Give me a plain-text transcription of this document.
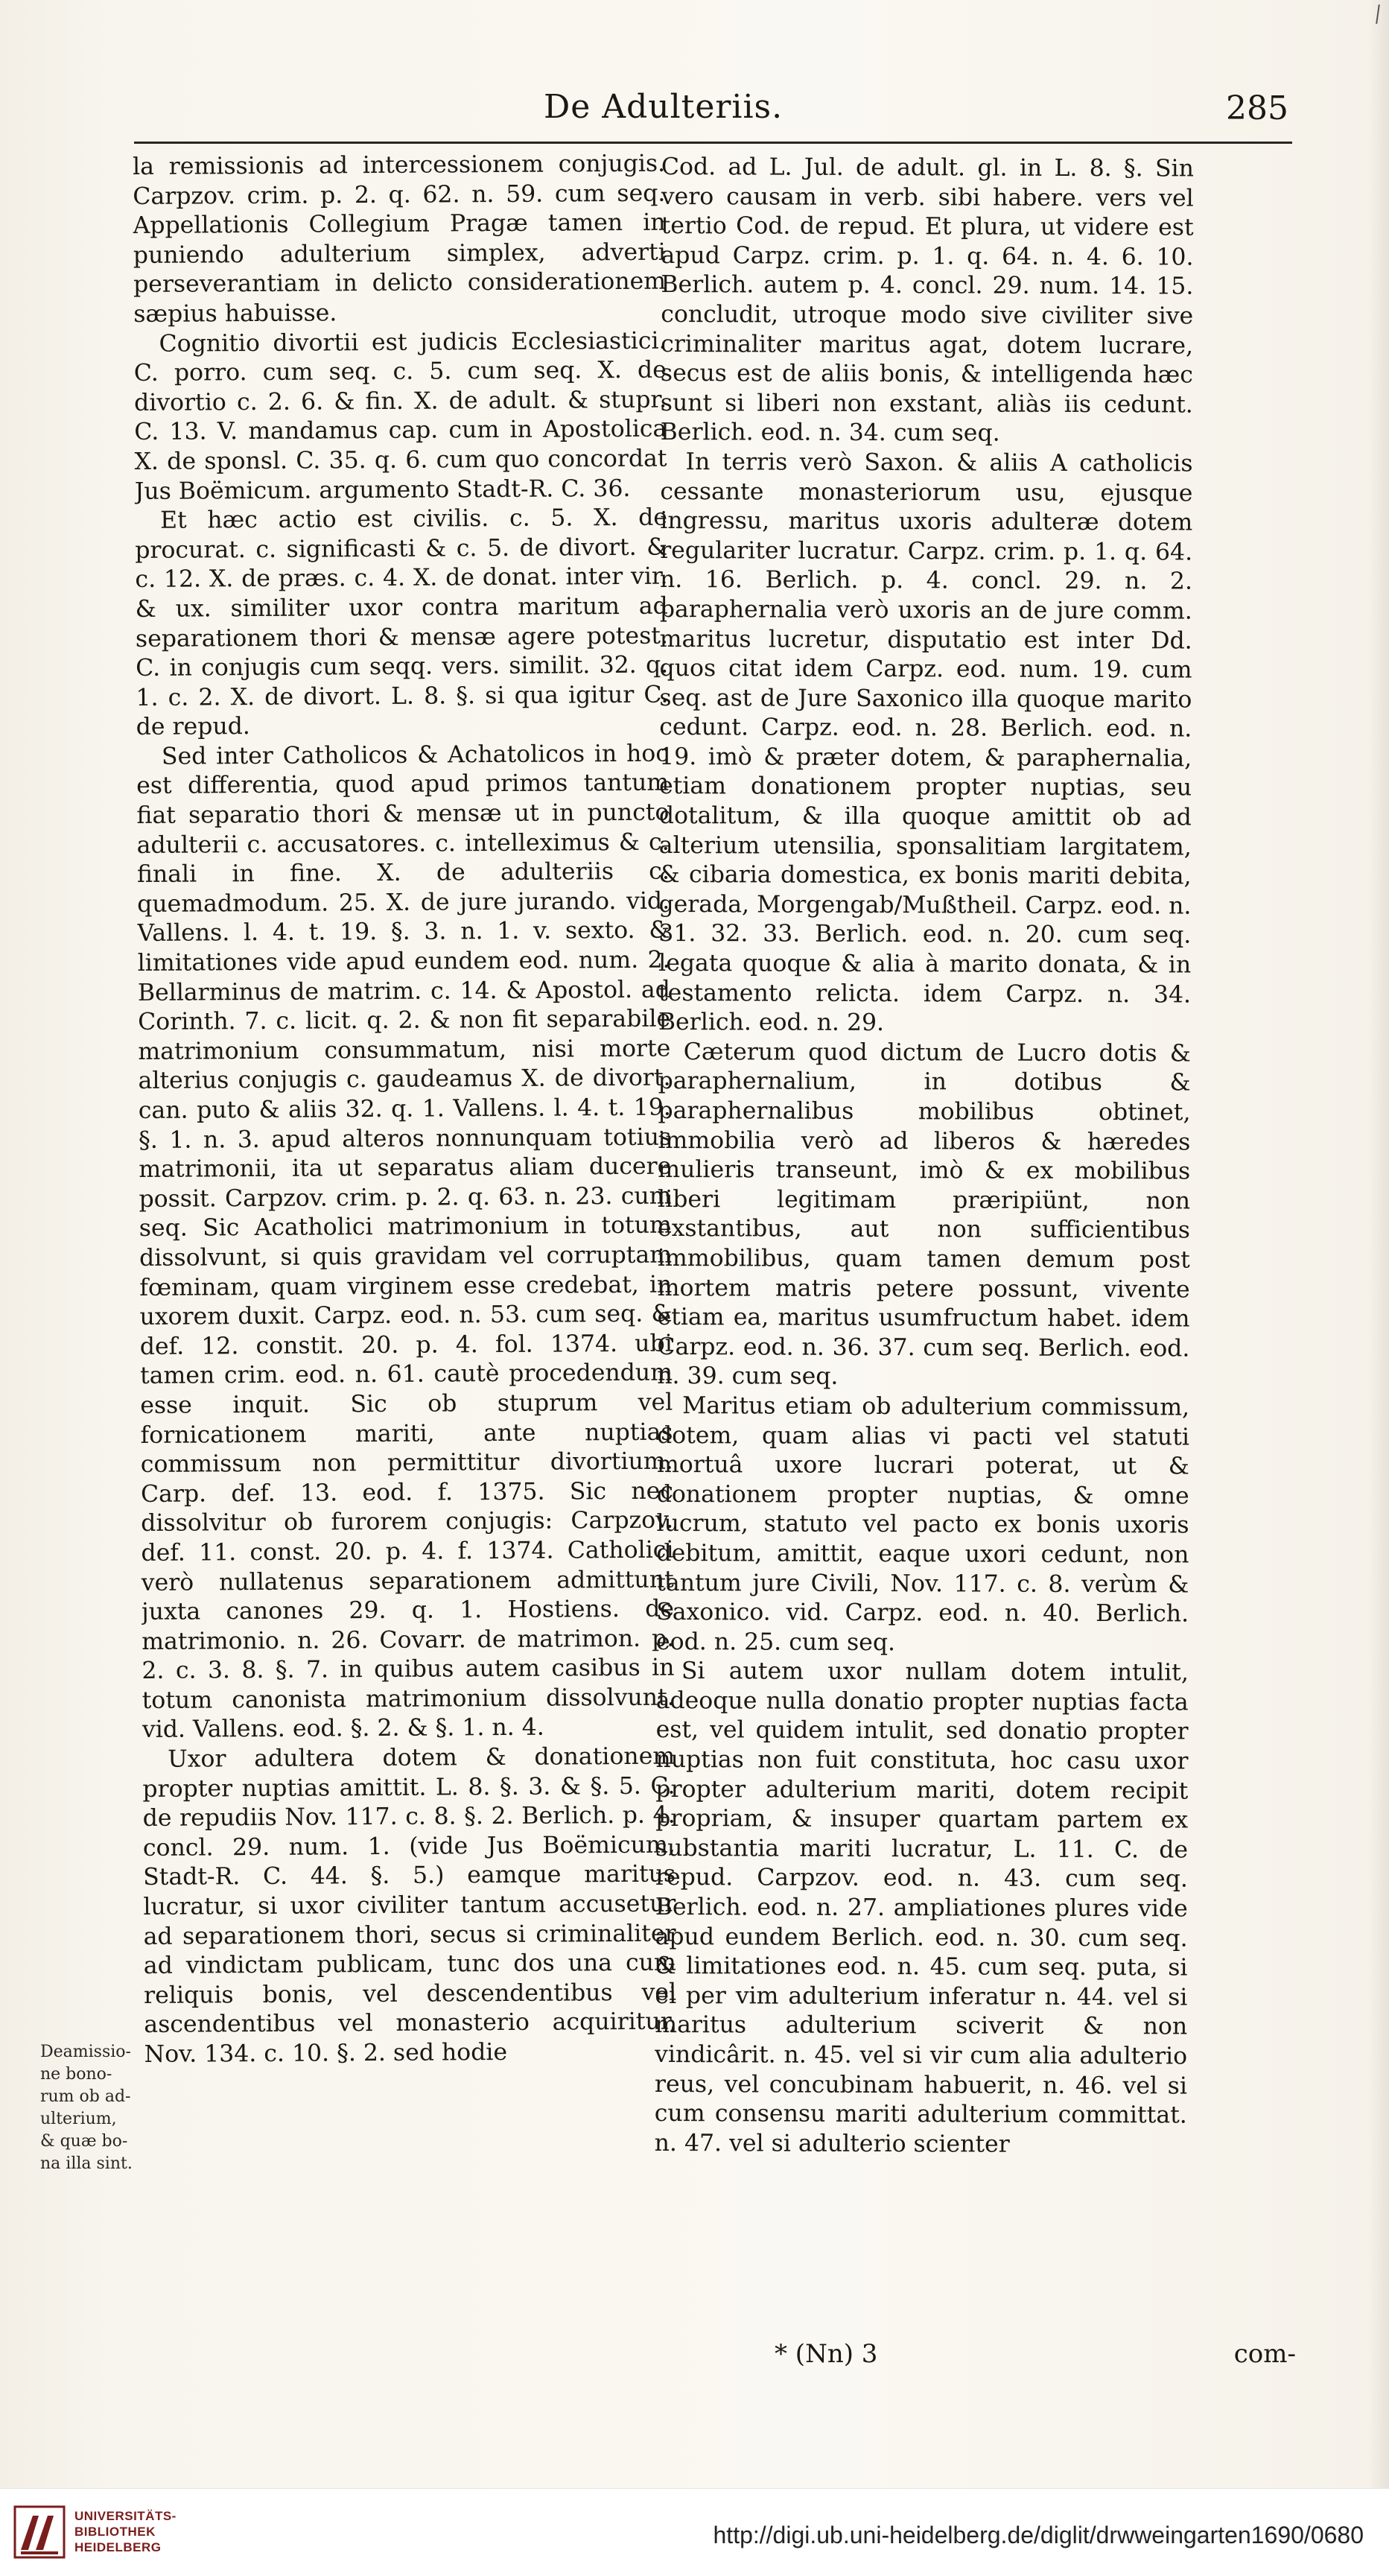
De Adulteriis.	285

la remissionis ad intercessionem conjugis. Carpzov. crim. p. 2. q. 62. n. 59. cum seq. Appellationis Collegium Pragæ tamen in puniendo adulterium simplex, adverti perseverantiam in delicto considerationem sæpius habuisse.

Cognitio divortii est judicis Ecclesiastici. C. porro. cum seq. c. 5. cum seq. X. de divortio c. 2. 6. & fin. X. de adult. & stupr. C. 13. V. mandamus cap. cum in Apostolica X. de sponsl. C. 35. q. 6. cum quo concordat Jus Boëmicum. argumento Stadt-R. C. 36.

Et hæc actio est civilis. c. 5. X. de procurat. c. significasti & c. 5. de divort. & c. 12. X. de præs. c. 4. X. de donat. inter vir. & ux. similiter uxor contra maritum ad separationem thori & mensæ agere potest. C. in conjugis cum seqq. vers. similit. 32. q. 1. c. 2. X. de divort. L. 8. §. si qua igitur C. de repud.

Sed inter Catholicos & Achatolicos in hoc est differentia, quod apud primos tantum fiat separatio thori & mensæ ut in puncto adulterii c. accusatores. c. intelleximus & c. finali in fine. X. de adulteriis c. quemadmodum. 25. X. de jure jurando. vid. Vallens. l. 4. t. 19. §. 3. n. 1. v. sexto. & limitationes vide apud eundem eod. num. 2. Bellarminus de matrim. c. 14. & Apostol. ad Corinth. 7. c. licit. q. 2. & non fit separabile matrimonium consummatum, nisi morte alterius conjugis c. gaudeamus X. de divort. can. puto & aliis 32. q. 1. Vallens. l. 4. t. 19. §. 1. n. 3. apud alteros nonnunquam totius matrimonii, ita ut separatus aliam ducere possit. Carpzov. crim. p. 2. q. 63. n. 23. cum seq. Sic Acatholici matrimonium in totum dissolvunt, si quis gravidam vel corruptam fœminam, quam virginem esse credebat, in uxorem duxit. Carpz. eod. n. 53. cum seq. & def. 12. constit. 20. p. 4. fol. 1374. ubi tamen crim. eod. n. 61. cautè procedendum esse inquit. Sic ob stuprum vel fornicationem mariti, ante nuptias commissum non permittitur divortium. Carp. def. 13. eod. f. 1375. Sic nec dissolvitur ob furorem conjugis: Carpzov. def. 11. const. 20. p. 4. f. 1374. Catholici verò nullatenus separationem admittunt juxta canones 29. q. 1. Hostiens. de matrimonio. n. 26. Covarr. de matrimon. p. 2. c. 3. 8. §. 7. in quibus autem casibus in totum canonista matrimonium dissolvunt. vid. Vallens. eod. §. 2. & §. 1. n. 4.

Uxor adultera dotem & donationem propter nuptias amittit. L. 8. §. 3. & §. 5. C. de repudiis Nov. 117. c. 8. §. 2. Berlich. p. 4. concl. 29. num. 1. (vide Jus Boëmicum, Stadt-R. C. 44. §. 5.) eamque maritus lucratur, si uxor civiliter tantum accusetur ad separationem thori, secus si criminaliter ad vindictam publicam, tunc dos una cum reliquis bonis, vel descendentibus vel ascendentibus vel monasterio acquiritur, Nov. 134. c. 10. §. 2. sed hodie

Cod. ad L. Jul. de adult. gl. in L. 8. §. Sin vero causam in verb. sibi habere. vers vel tertio Cod. de repud. Et plura, ut videre est apud Carpz. crim. p. 1. q. 64. n. 4. 6. 10. Berlich. autem p. 4. concl. 29. num. 14. 15. concludit, utroque modo sive civiliter sive criminaliter maritus agat, dotem lucrare, secus est de aliis bonis, & intelligenda hæc sunt si liberi non exstant, aliàs iis cedunt. Berlich. eod. n. 34. cum seq.

In terris verò Saxon. & aliis A catholicis cessante monasteriorum usu, ejusque ingressu, maritus uxoris adulteræ dotem regulariter lucratur. Carpz. crim. p. 1. q. 64. n. 16. Berlich. p. 4. concl. 29. n. 2. paraphernalia verò uxoris an de jure comm. maritus lucretur, disputatio est inter Dd. quos citat idem Carpz. eod. num. 19. cum seq. ast de Jure Saxonico illa quoque marito cedunt. Carpz. eod. n. 28. Berlich. eod. n. 19. imò & præter dotem, & paraphernalia, etiam donationem propter nuptias, seu dotalitum, & illa quoque amittit ob ad alterium utensilia, sponsalitiam largitatem, & cibaria domestica, ex bonis mariti debita, gerada, Morgengab/Mußtheil. Carpz. eod. n. 31. 32. 33. Berlich. eod. n. 20. cum seq. legata quoque & alia à marito donata, & in testamento relicta. idem Carpz. n. 34. Berlich. eod. n. 29.

Cæterum quod dictum de Lucro dotis & paraphernalium, in dotibus & paraphernalibus mobilibus obtinet, immobilia verò ad liberos & hæredes mulieris transeunt, imò & ex mobilibus liberi legitimam præripiünt, non exstantibus, aut non sufficientibus immobilibus, quam tamen demum post mortem matris petere possunt, vivente etiam ea, maritus usumfructum habet. idem Carpz. eod. n. 36. 37. cum seq. Berlich. eod. n. 39. cum seq.

Maritus etiam ob adulterium commissum, dotem, quam alias vi pacti vel statuti mortuâ uxore lucrari poterat, ut & donationem propter nuptias, & omne lucrum, statuto vel pacto ex bonis uxoris debitum, amittit, eaque uxori cedunt, non tantum jure Civili, Nov. 117. c. 8. verùm & Saxonico. vid. Carpz. eod. n. 40. Berlich. eod. n. 25. cum seq.

Si autem uxor nullam dotem intulit, adeoque nulla donatio propter nuptias facta est, vel quidem intulit, sed donatio propter nuptias non fuit constituta, hoc casu uxor propter adulterium mariti, dotem recipit propriam, & insuper quartam partem ex substantia mariti lucratur, L. 11. C. de repud. Carpzov. eod. n. 43. cum seq. Berlich. eod. n. 27. ampliationes plures vide apud eundem Berlich. eod. n. 30. cum seq. & limitationes eod. n. 45. cum seq. puta, si ei per vim adulterium inferatur n. 44. vel si maritus adulterium sciverit & non vindicârit. n. 45. vel si vir cum alia adulterio reus, vel concubinam habuerit, n. 46. vel si cum consensu mariti adulterium committat. n. 47. vel si adulterio scienter

Deamissio-
ne bono-
rum ob ad-
ulterium,
& quæ bo-
na illa sint.
* (Nn) 3	com-
UNIVERSITÄTS-
BIBLIOTHEK
HEIDELBERG	http://digi.ub.uni-heidelberg.de/diglit/drwweingarten1690/0680
